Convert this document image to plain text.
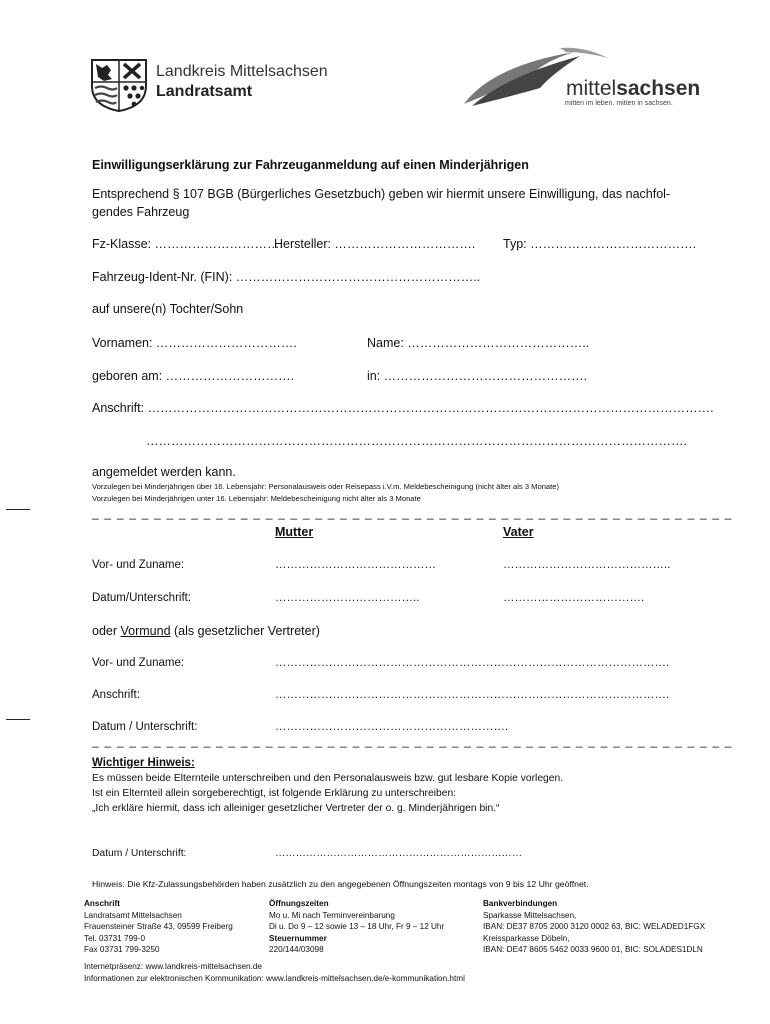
Landkreis Mittelsachsen
Landratsamt	mittelsachsen
mitten im leben. mitten in sachsen.
Einwilligungserklärung zur Fahrzeuganmeldung auf einen Minderjährigen
Entsprechend § 107 BGB (Bürgerliches Gesetzbuch) geben wir hiermit unsere Einwilligung, das nachfol-
gendes Fahrzeug
Fz-Klasse: ………………………….
Hersteller: ……………………………. Typ: ………………………………….
Fahrzeug-Ident-Nr. (FIN): …………………………………………………..
auf unsere(n) Tochter/Sohn
Vornamen: …………………………….	Name: ……………………………………..
geboren am: ………………………….	in: ………………………………………….
Anschrift: ……………………………………………………………………………………………………………………….
………………………………………………………………………………………………………………….
angemeldet werden kann.
Vorzulegen bei Minderjährigen über 16. Lebensjahr: Personalausweis oder Reisepass i.V.m. Meldebescheinigung (nicht älter als 3 Monate)
Vorzulegen bei Minderjährigen unter 16. Lebensjahr: Meldebescheinigung nicht älter als 3 Monate
_ _ _ _ _ _ _ _ _ _ _ _ _ _ _ _ _ _ _ _ _ _ _ _ _ _ _ _ _ _ _ _ _ _ _ _ _ _ _ _ _ _ _ _ _ _ _ _ _ _ _ _
Mutter	Vater
Vor- und Zuname:	……………………………………	……………………………………..
Datum/Unterschrift:	………………………………..	……………………………….
oder Vormund (als gesetzlicher Vertreter)
Vor- und Zuname:	………………………………………………………………………………………….
Anschrift:	………………………………………………………………………………………….
Datum / Unterschrift:	…………………………………………………….
_ _ _ _ _ _ _ _ _ _ _ _ _ _ _ _ _ _ _ _ _ _ _ _ _ _ _ _ _ _ _ _ _ _ _ _ _ _ _ _ _ _ _ _ _ _ _ _ _ _ _ _
Wichtiger Hinweis:
Es müssen beide Elternteile unterschreiben und den Personalausweis bzw. gut lesbare Kopie vorlegen.
Ist ein Elternteil allein sorgeberechtigt, ist folgende Erklärung zu unterschreiben:
„Ich erkläre hiermit, dass ich alleiniger gesetzlicher Vertreter der o. g. Minderjährigen bin.“
Datum / Unterschrift:	………………………………………………………………
Hinweis: Die Kfz-Zulassungsbehörden haben zusätzlich zu den angegebenen Öffnungszeiten montags von 9 bis 12 Uhr geöffnet.
Anschrift
Landratsamt Mittelsachsen
Frauensteiner Straße 43, 09599 Freiberg
Tel. 03731 799-0
Fax 03731 799-3250
Öffnungszeiten
Mo u. Mi nach Terminvereinbarung
Di u. Do 9 – 12 sowie 13 – 18 Uhr, Fr 9 – 12 Uhr
Steuernummer
220/144/03098
Bankverbindungen
Sparkasse Mittelsachsen,
IBAN: DE37 8705 2000 3120 0002 63, BIC: WELADED1FGX
Kreissparkasse Döbeln,
IBAN: DE47 8605 5462 0033 9600 01, BIC: SOLADES1DLN
Internetpräsenz: www.landkreis-mittelsachsen.de
Informationen zur elektronischen Kommunikation: www.landkreis-mittelsachsen.de/e-kommunikation.html
